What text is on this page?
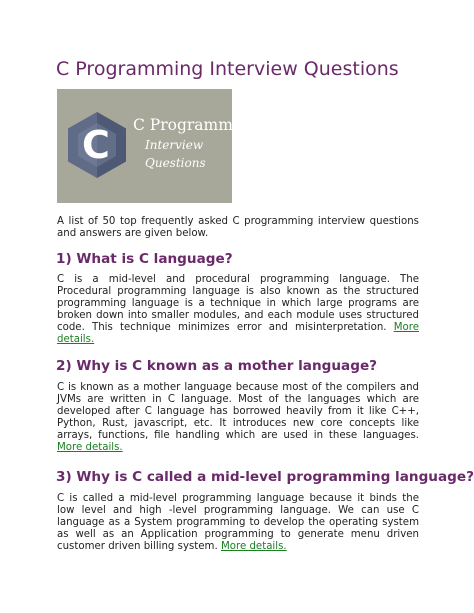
C Programming Interview Questions
C C Programming
Interview
Questions

A list of 50 top frequently asked C programming interview questions and answers are given below.

1) What is C language?

C is a mid-level and procedural programming language. The Procedural programming language is also known as the structured programming language is a technique in which large programs are broken down into smaller modules, and each module uses structured code. This technique minimizes error and misinterpretation. More details.

2) Why is C known as a mother language?

C is known as a mother language because most of the compilers and JVMs are written in C language. Most of the languages which are developed after C language has borrowed heavily from it like C++, Python, Rust, javascript, etc. It introduces new core concepts like arrays, functions, file handling which are used in these languages. More details.

3) Why is C called a mid-level programming language?

C is called a mid-level programming language because it binds the low level and high -level programming language. We can use C language as a System programming to develop the operating system as well as an Application programming to generate menu driven customer driven billing system. More details.
